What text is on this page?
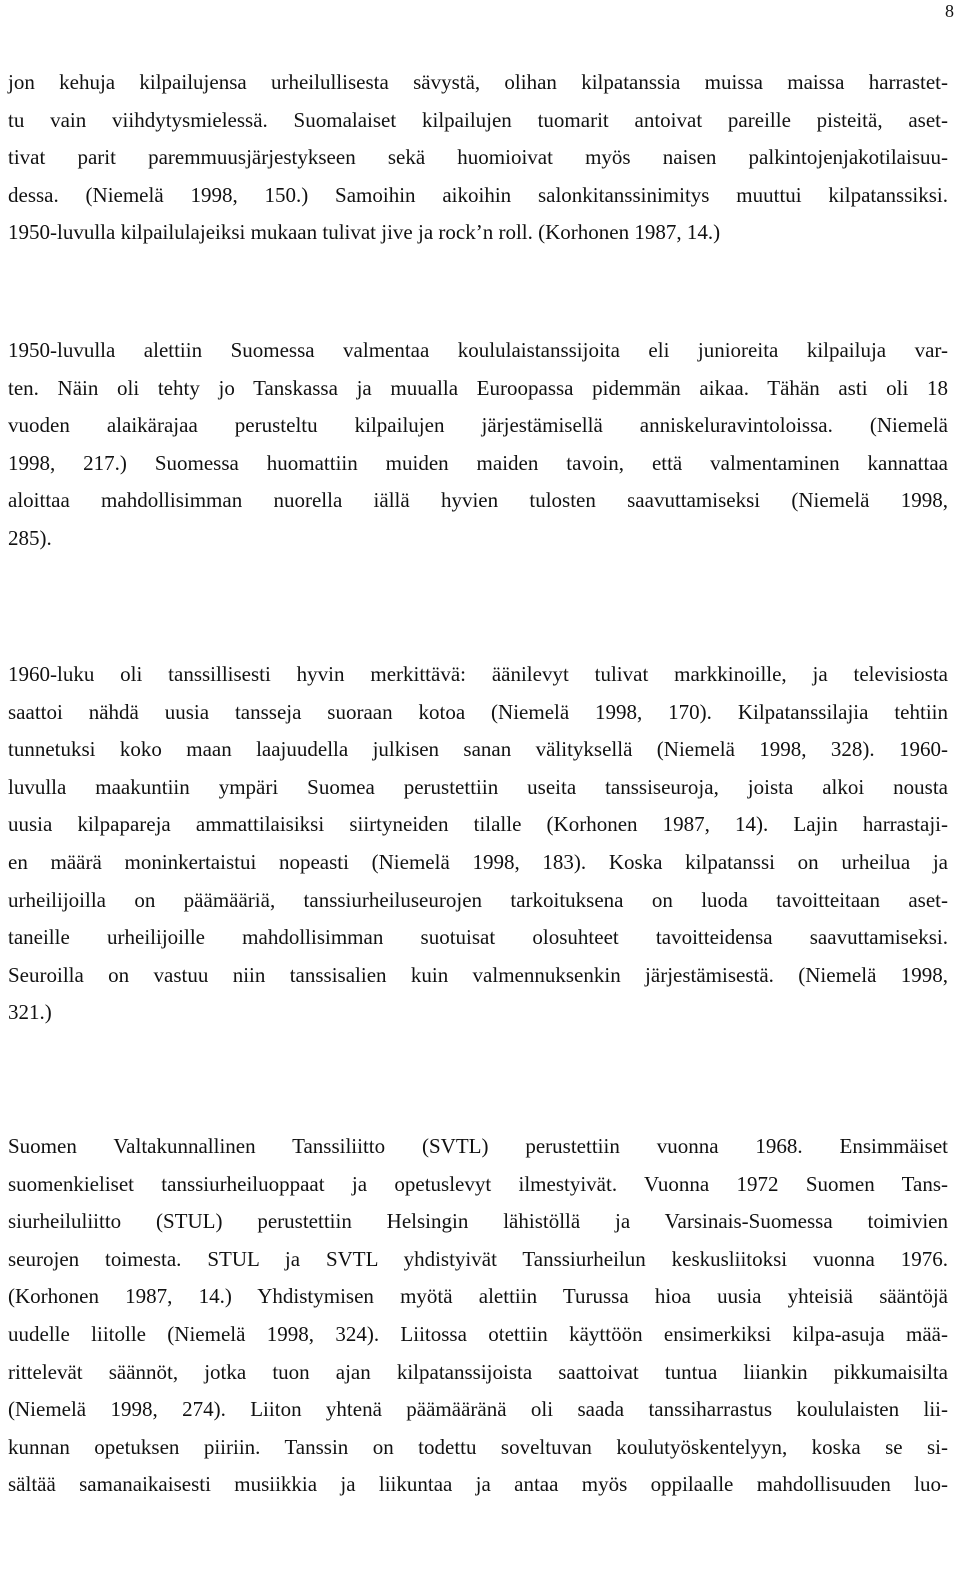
8
jon kehuja kilpailujensa urheilullisesta sävystä, olihan kilpatanssia muissa maissa harrastet-
tu vain viihdytysmielessä. Suomalaiset kilpailujen tuomarit antoivat pareille pisteitä, aset-
tivat parit paremmuusjärjestykseen sekä huomioivat myös naisen palkintojenjakotilaisuu-
dessa. (Niemelä 1998, 150.) Samoihin aikoihin salonkitanssinimitys muuttui kilpatanssiksi.
1950-luvulla kilpailulajeiksi mukaan tulivat jive ja rock’n roll. (Korhonen 1987, 14.)
1950-luvulla alettiin Suomessa valmentaa koululaistanssijoita eli junioreita kilpailuja var-
ten. Näin oli tehty jo Tanskassa ja muualla Euroopassa pidemmän aikaa. Tähän asti oli 18
vuoden alaikärajaa perusteltu kilpailujen järjestämisellä anniskeluravintoloissa. (Niemelä
1998, 217.) Suomessa huomattiin muiden maiden tavoin, että valmentaminen kannattaa
aloittaa mahdollisimman nuorella iällä hyvien tulosten saavuttamiseksi (Niemelä 1998,
285).
1960-luku oli tanssillisesti hyvin merkittävä: äänilevyt tulivat markkinoille, ja televisiosta
saattoi nähdä uusia tansseja suoraan kotoa (Niemelä 1998, 170). Kilpatanssilajia tehtiin
tunnetuksi koko maan laajuudella julkisen sanan välityksellä (Niemelä 1998, 328). 1960-
luvulla maakuntiin ympäri Suomea perustettiin useita tanssiseuroja, joista alkoi nousta
uusia kilpapareja ammattilaisiksi siirtyneiden tilalle (Korhonen 1987, 14). Lajin harrastaji-
en määrä moninkertaistui nopeasti (Niemelä 1998, 183). Koska kilpatanssi on urheilua ja
urheilijoilla on päämääriä, tanssiurheiluseurojen tarkoituksena on luoda tavoitteitaan aset-
taneille urheilijoille mahdollisimman suotuisat olosuhteet tavoitteidensa saavuttamiseksi.
Seuroilla on vastuu niin tanssisalien kuin valmennuksenkin järjestämisestä. (Niemelä 1998,
321.)
Suomen Valtakunnallinen Tanssiliitto (SVTL) perustettiin vuonna 1968. Ensimmäiset
suomenkieliset tanssiurheiluoppaat ja opetuslevyt ilmestyivät. Vuonna 1972 Suomen Tans-
siurheiluliitto (STUL) perustettiin Helsingin lähistöllä ja Varsinais-Suomessa toimivien
seurojen toimesta. STUL ja SVTL yhdistyivät Tanssiurheilun keskusliitoksi vuonna 1976.
(Korhonen 1987, 14.) Yhdistymisen myötä alettiin Turussa hioa uusia yhteisiä sääntöjä
uudelle liitolle (Niemelä 1998, 324). Liitossa otettiin käyttöön ensimerkiksi kilpa-asuja mää-
rittelevät säännöt, jotka tuon ajan kilpatanssijoista saattoivat tuntua liiankin pikkumaisilta
(Niemelä 1998, 274). Liiton yhtenä päämääränä oli saada tanssiharrastus koululaisten lii-
kunnan opetuksen piiriin. Tanssin on todettu soveltuvan koulutyöskentelyyn, koska se si-
sältää samanaikaisesti musiikkia ja liikuntaa ja antaa myös oppilaalle mahdollisuuden luo-
